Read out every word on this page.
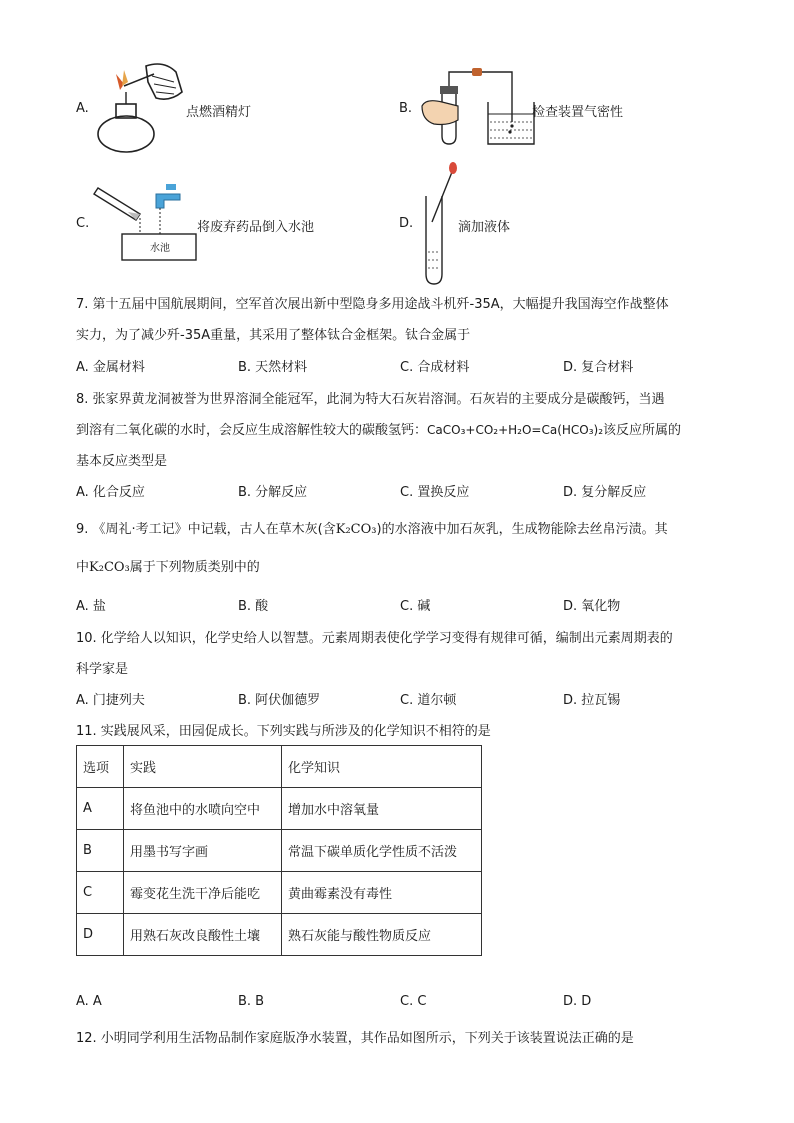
A.	点燃酒精灯	B.	检查装置气密性
C.
水池
将废弃药品倒入水池	D.	滴加液体
7. 第十五届中国航展期间，空军首次展出新中型隐身多用途战斗机歼-35A，大幅提升我国海空作战整体
实力，为了减少歼-35A重量，其采用了整体钛合金框架。钛合金属于
A. 金属材料	B. 天然材料	C. 合成材料	D. 复合材料
8. 张家界黄龙洞被誉为世界溶洞全能冠军，此洞为特大石灰岩溶洞。石灰岩的主要成分是碳酸钙，当遇
到溶有二氧化碳的水时，会反应生成溶解性较大的碳酸氢钙：CaCO₃+CO₂+H₂O=Ca(HCO₃)₂该反应所属的
基本反应类型是
A. 化合反应	B. 分解反应	C. 置换反应	D. 复分解反应
9. 《周礼·考工记》中记载，古人在草木灰(含K₂CO₃)的水溶液中加石灰乳，生成物能除去丝帛污渍。其
中K₂CO₃属于下列物质类别中的
A. 盐	B. 酸	C. 碱	D. 氧化物
10. 化学给人以知识，化学史给人以智慧。元素周期表使化学学习变得有规律可循，编制出元素周期表的
科学家是
A. 门捷列夫	B. 阿伏伽德罗	C. 道尔顿	D. 拉瓦锡
11. 实践展风采，田园促成长。下列实践与所涉及的化学知识不相符的是
选项	实践	化学知识
A	将鱼池中的水喷向空中	增加水中溶氧量
B	用墨书写字画	常温下碳单质化学性质不活泼
C	霉变花生洗干净后能吃	黄曲霉素没有毒性
D	用熟石灰改良酸性土壤	熟石灰能与酸性物质反应
A. A	B. B	C. C	D. D
12. 小明同学利用生活物品制作家庭版净水装置，其作品如图所示，下列关于该装置说法正确的是
